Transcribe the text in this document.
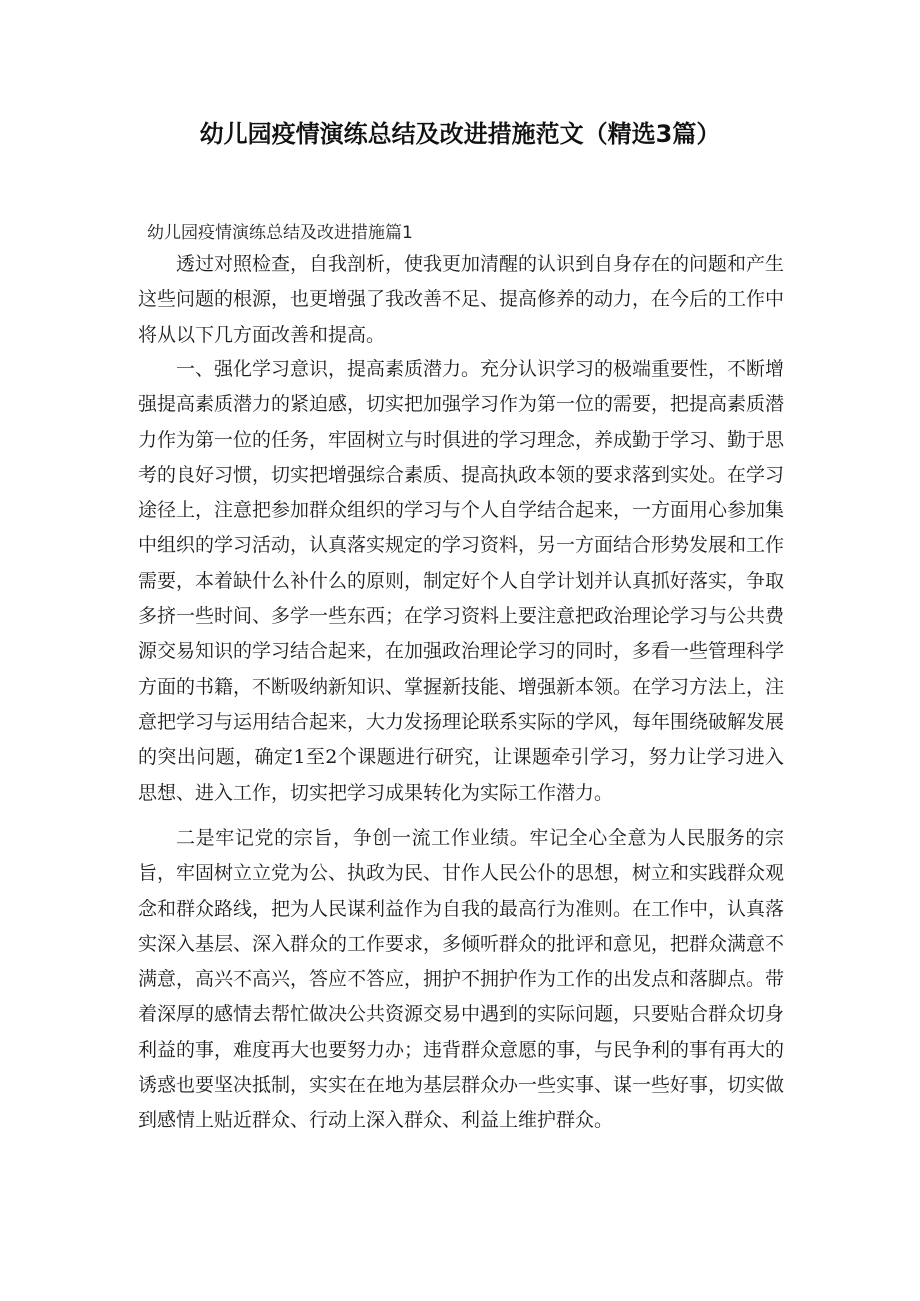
幼儿园疫情演练总结及改进措施范文（精选3篇）
幼儿园疫情演练总结及改进措施篇1

透过对照检查，自我剖析，使我更加清醒的认识到自身存在的问题和产生这些问题的根源，也更增强了我改善不足、提高修养的动力，在今后的工作中将从以下几方面改善和提高。

一、强化学习意识，提高素质潜力。充分认识学习的极端重要性，不断增强提高素质潜力的紧迫感，切实把加强学习作为第一位的需要，把提高素质潜力作为第一位的任务，牢固树立与时俱进的学习理念，养成勤于学习、勤于思考的良好习惯，切实把增强综合素质、提高执政本领的要求落到实处。在学习途径上，注意把参加群众组织的学习与个人自学结合起来，一方面用心参加集中组织的学习活动，认真落实规定的学习资料，另一方面结合形势发展和工作需要，本着缺什么补什么的原则，制定好个人自学计划并认真抓好落实，争取多挤一些时间、多学一些东西；在学习资料上要注意把政治理论学习与公共费源交易知识的学习结合起来，在加强政治理论学习的同时，多看一些管理科学方面的书籍，不断吸纳新知识、掌握新技能、增强新本领。在学习方法上，注意把学习与运用结合起来，大力发扬理论联系实际的学风，每年围绕破解发展的突出问题，确定1至2个课题进行研究，让课题牵引学习，努力让学习进入思想、进入工作，切实把学习成果转化为实际工作潜力。

二是牢记党的宗旨，争创一流工作业绩。牢记全心全意为人民服务的宗旨，牢固树立立党为公、执政为民、甘作人民公仆的思想，树立和实践群众观念和群众路线，把为人民谋利益作为自我的最高行为准则。在工作中，认真落实深入基层、深入群众的工作要求，多倾听群众的批评和意见，把群众满意不满意，高兴不高兴，答应不答应，拥护不拥护作为工作的出发点和落脚点。带着深厚的感情去帮忙做决公共资源交易中遇到的实际问题，只要贴合群众切身利益的事，难度再大也要努力办；违背群众意愿的事，与民争利的事有再大的诱惑也要坚决抵制，实实在在地为基层群众办一些实事、谋一些好事，切实做到感情上贴近群众、行动上深入群众、利益上维护群众。
